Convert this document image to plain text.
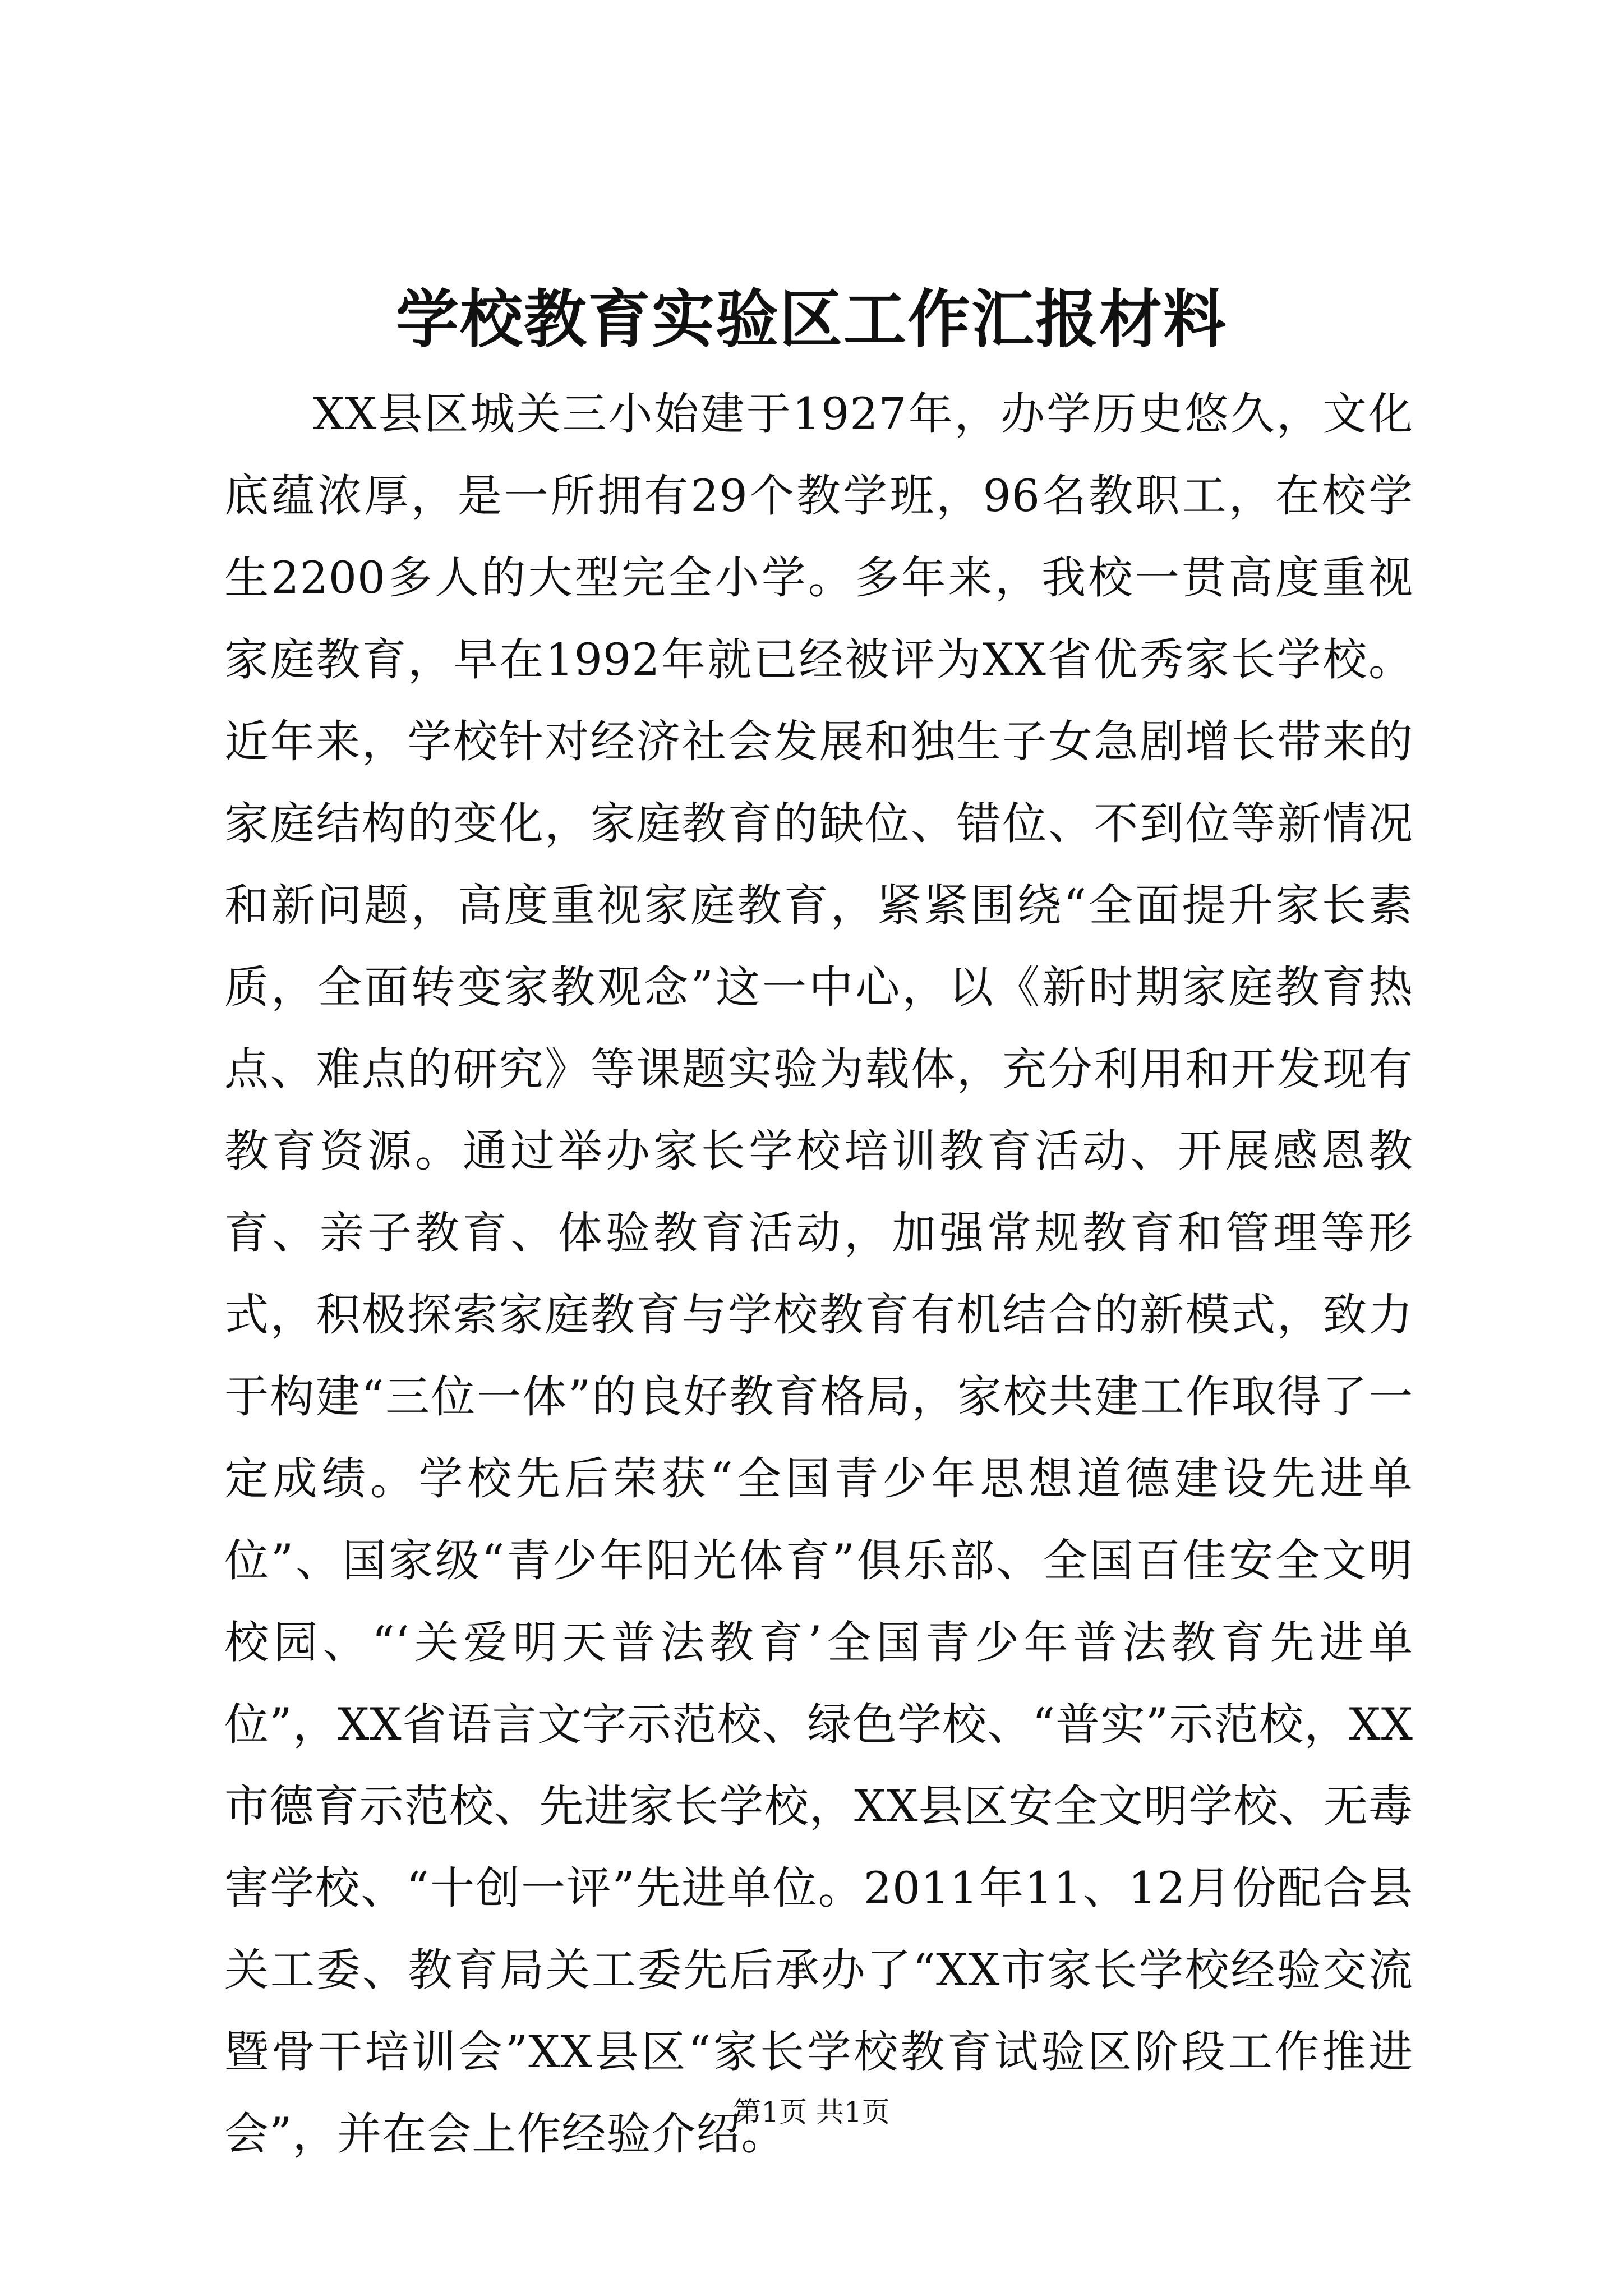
学校教育实验区工作汇报材料

XX县区城关三小始建于1927年，办学历史悠久，文化底蕴浓厚，是一所拥有29个教学班，96名教职工，在校学生2200多人的大型完全小学。多年来，我校一贯高度重视家庭教育，早在1992年就已经被评为XX省优秀家长学校。近年来，学校针对经济社会发展和独生子女急剧增长带来的家庭结构的变化，家庭教育的缺位、错位、不到位等新情况和新问题，高度重视家庭教育，紧紧围绕“全面提升家长素质，全面转变家教观念”这一中心，以《新时期家庭教育热点、难点的研究》等课题实验为载体，充分利用和开发现有教育资源。通过举办家长学校培训教育活动、开展感恩教育、亲子教育、体验教育活动，加强常规教育和管理等形式，积极探索家庭教育与学校教育有机结合的新模式，致力于构建“三位一体”的良好教育格局，家校共建工作取得了一定成绩。学校先后荣获“全国青少年思想道德建设先进单位”、国家级“青少年阳光体育”俱乐部、全国百佳安全文明校园、“‘关爱明天普法教育’全国青少年普法教育先进单位”，XX省语言文字示范校、绿色学校、“普实”示范校，XX市德育示范校、先进家长学校，XX县区安全文明学校、无毒害学校、“十创一评”先进单位。2011年11、12月份配合县关工委、教育局关工委先后承办了“XX市家长学校经验交流暨骨干培训会”XX县区“家长学校教育试验区阶段工作推进会”，并在会上作经验介绍。

第1页 共1页
